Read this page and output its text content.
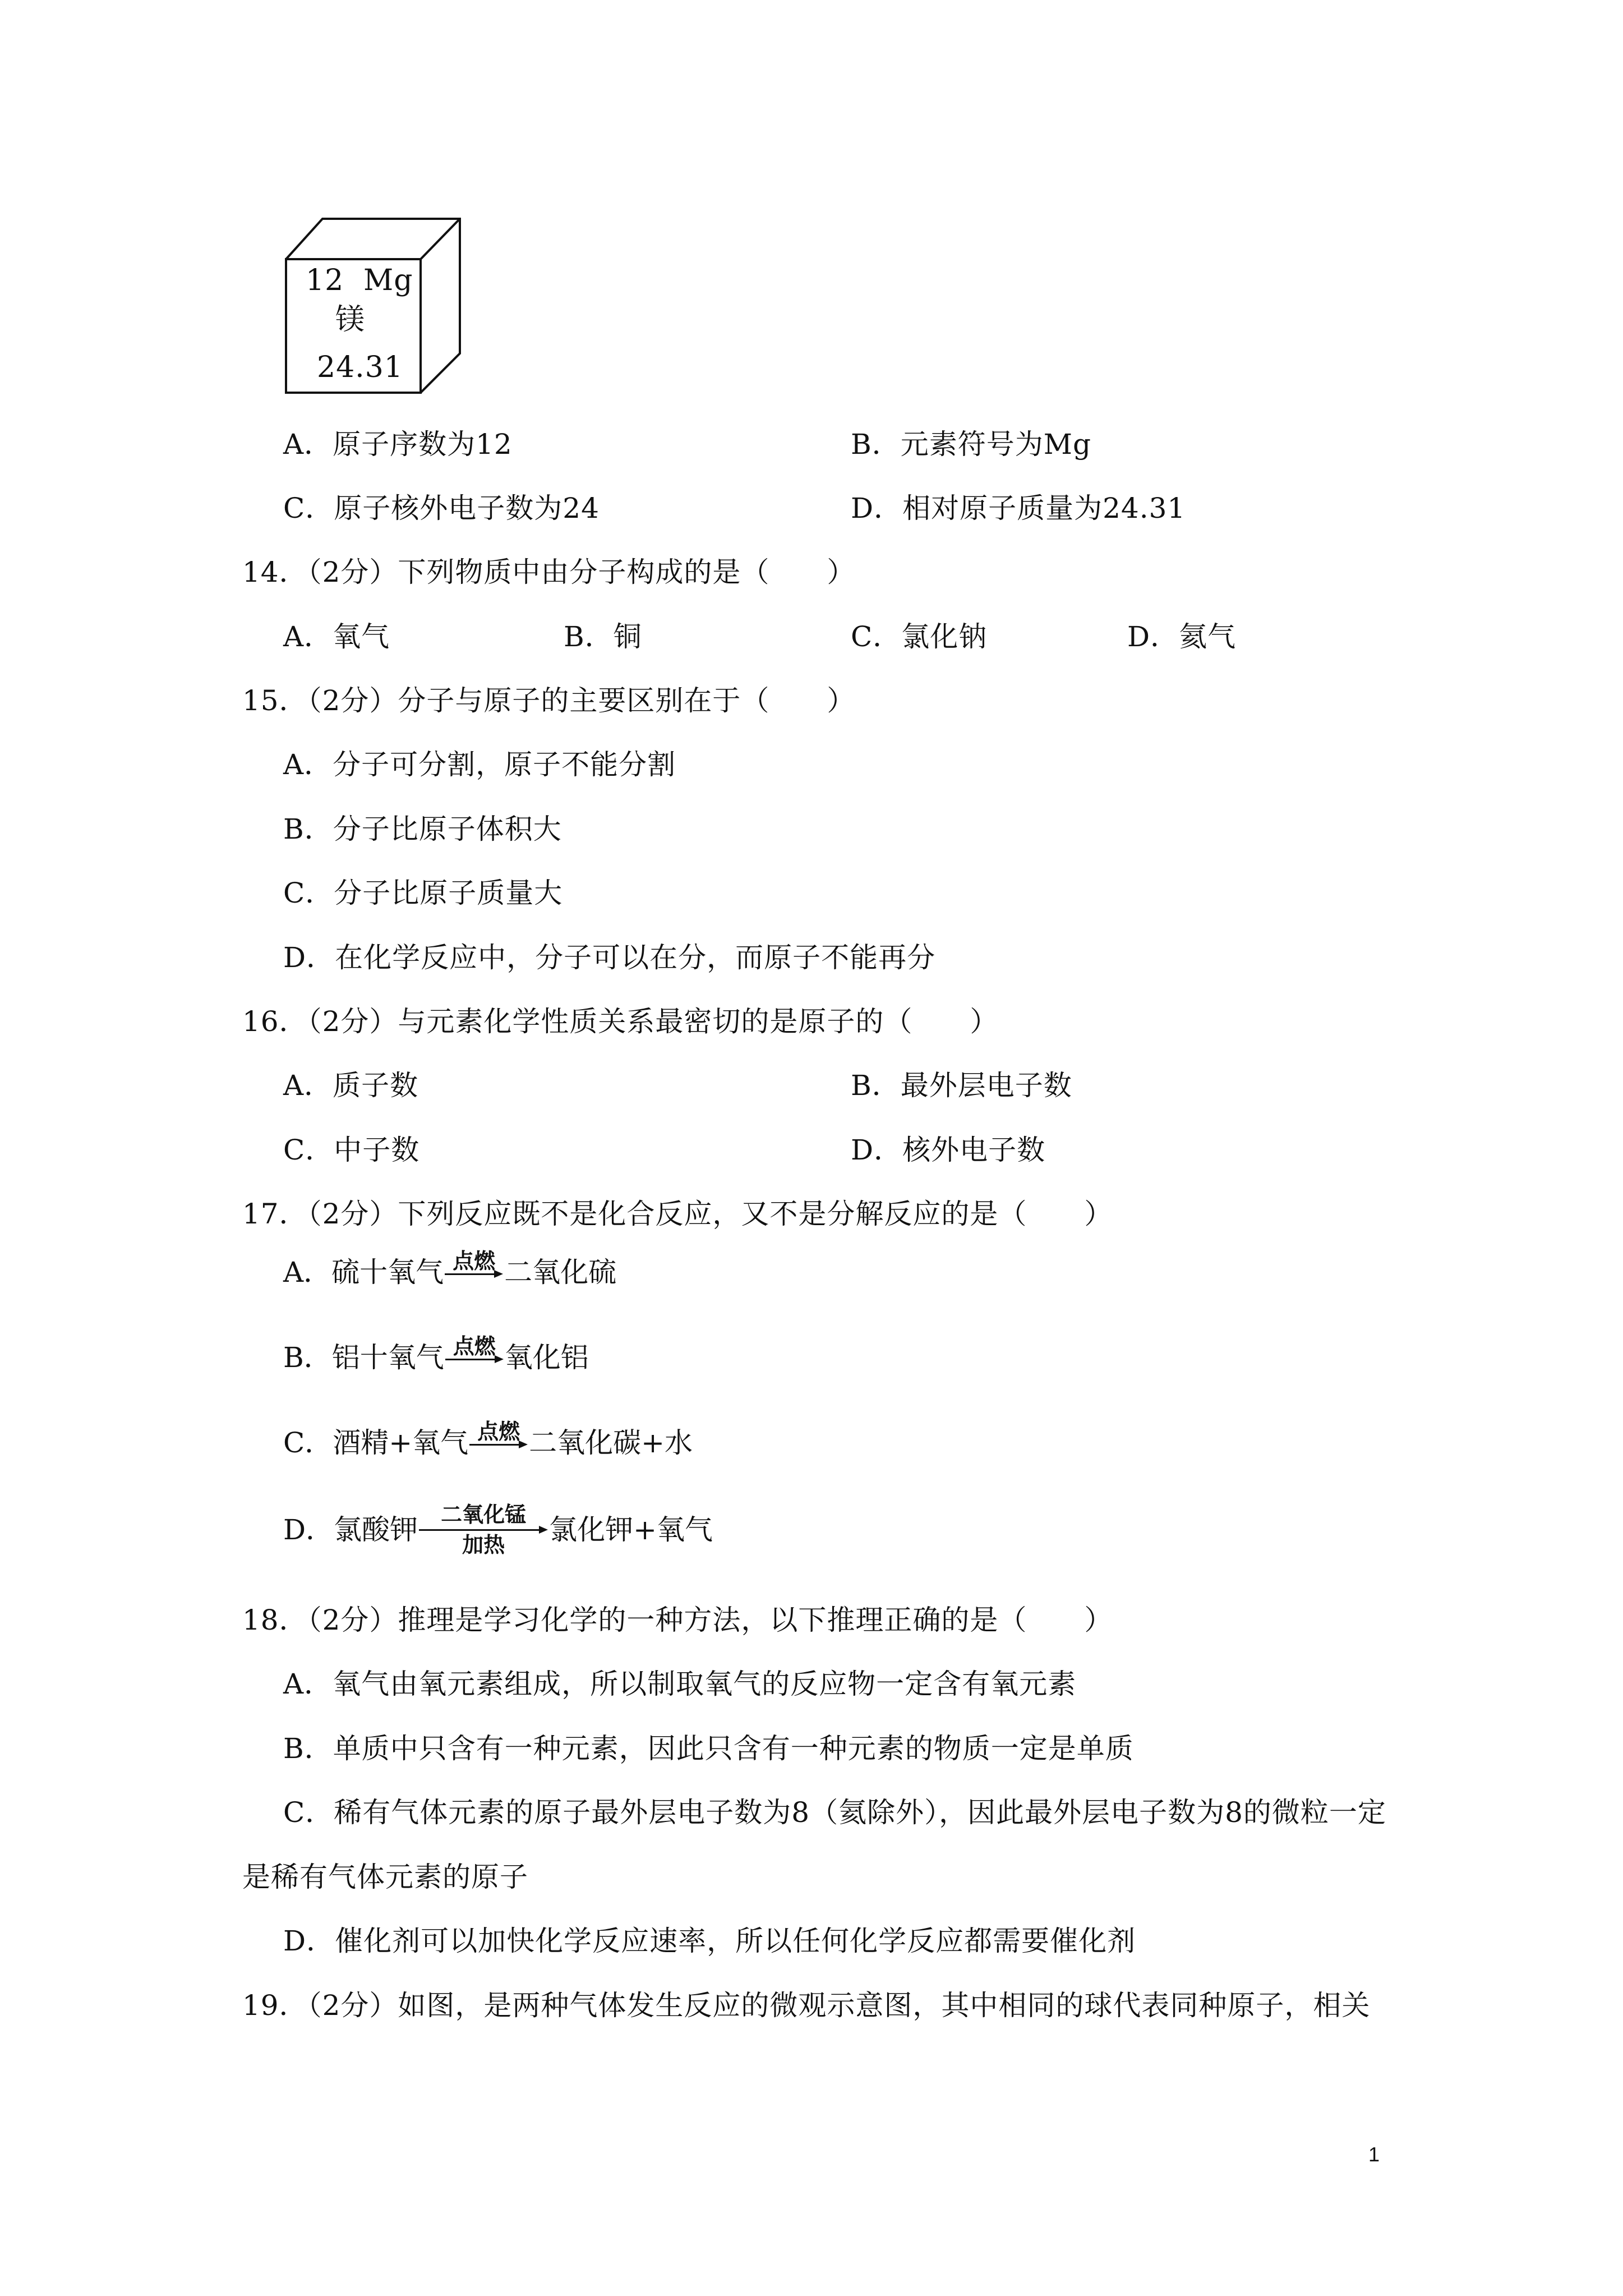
12 Mg
镁
24.31
A．原子序数为12	B．元素符号为Mg
C．原子核外电子数为24	D．相对原子质量为24.31
14．（2分）下列物质中由分子构成的是（　　）
A．氧气	B．铜	C．氯化钠	D．氦气
15．（2分）分子与原子的主要区别在于（　　）
A．分子可分割，原子不能分割
B．分子比原子体积大
C．分子比原子质量大
D．在化学反应中，分子可以在分，而原子不能再分
16．（2分）与元素化学性质关系最密切的是原子的（　　）
A．质子数	B．最外层电子数
C．中子数	D．核外电子数
17．（2分）下列反应既不是化合反应，又不是分解反应的是（　　）
A．硫十氧气 点燃 二氧化硫
B．铝十氧气 点燃 氧化铝
C．酒精+氧气 点燃 二氧化碳+水
D．氯酸钾 二氧化锰
加热 氯化钾+氧气
18．（2分）推理是学习化学的一种方法，以下推理正确的是（　　）
A．氧气由氧元素组成，所以制取氧气的反应物一定含有氧元素
B．单质中只含有一种元素，因此只含有一种元素的物质一定是单质
C．稀有气体元素的原子最外层电子数为8（氦除外），因此最外层电子数为8的微粒一定
是稀有气体元素的原子
D．催化剂可以加快化学反应速率，所以任何化学反应都需要催化剂
19．（2分）如图，是两种气体发生反应的微观示意图，其中相同的球代表同种原子，相关
1
